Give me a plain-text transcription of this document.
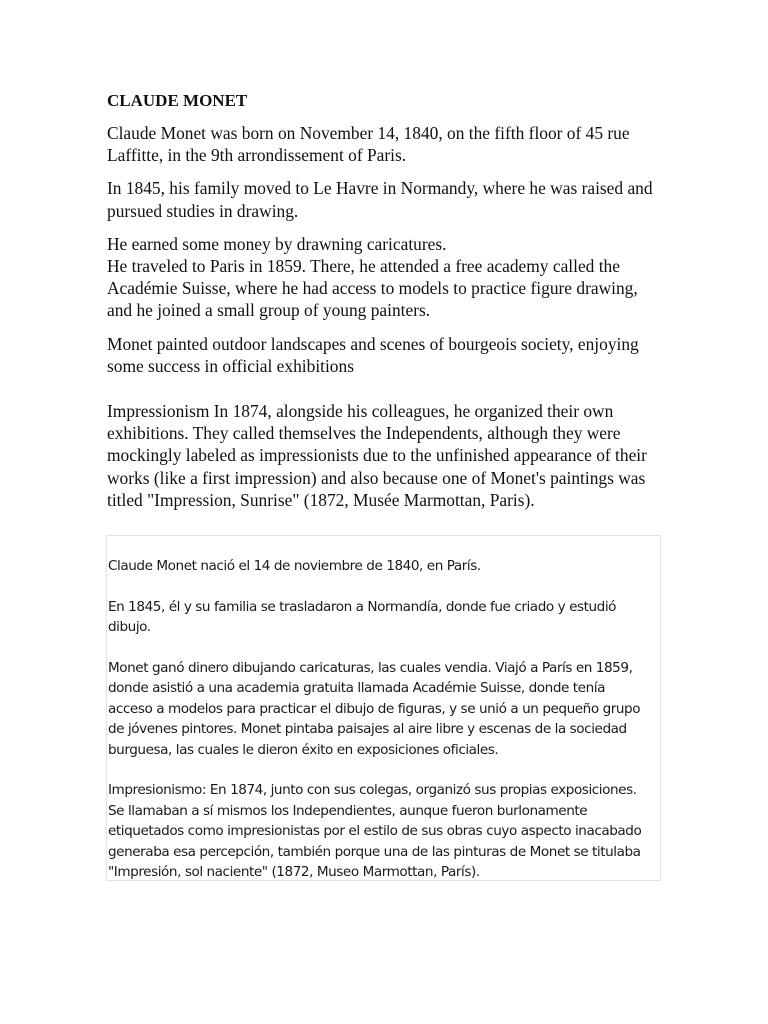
CLAUDE MONET

Claude Monet was born on November 14, 1840, on the fifth floor of 45 rue
Laffitte, in the 9th arrondissement of Paris.

In 1845, his family moved to Le Havre in Normandy, where he was raised and
pursued studies in drawing.

He earned some money by drawning caricatures.
He traveled to Paris in 1859. There, he attended a free academy called the
Académie Suisse, where he had access to models to practice figure drawing,
and he joined a small group of young painters.

Monet painted outdoor landscapes and scenes of bourgeois society, enjoying
some success in official exhibitions

Impressionism In 1874, alongside his colleagues, he organized their own
exhibitions. They called themselves the Independents, although they were
mockingly labeled as impressionists due to the unfinished appearance of their
works (like a first impression) and also because one of Monet's paintings was
titled "Impression, Sunrise" (1872, Musée Marmottan, Paris).

Claude Monet nació el 14 de noviembre de 1840, en París.

En 1845, él y su familia se trasladaron a Normandía, donde fue criado y estudió
dibujo.

Monet ganó dinero dibujando caricaturas, las cuales vendia. Viajó a París en 1859,
donde asistió a una academia gratuita llamada Académie Suisse, donde tenía
acceso a modelos para practicar el dibujo de figuras, y se unió a un pequeño grupo
de jóvenes pintores. Monet pintaba paisajes al aire libre y escenas de la sociedad
burguesa, las cuales le dieron éxito en exposiciones oficiales.

Impresionismo: En 1874, junto con sus colegas, organizó sus propias exposiciones.
Se llamaban a sí mismos los Independientes, aunque fueron burlonamente
etiquetados como impresionistas por el estilo de sus obras cuyo aspecto inacabado
generaba esa percepción, también porque una de las pinturas de Monet se titulaba
"Impresión, sol naciente" (1872, Museo Marmottan, París).
